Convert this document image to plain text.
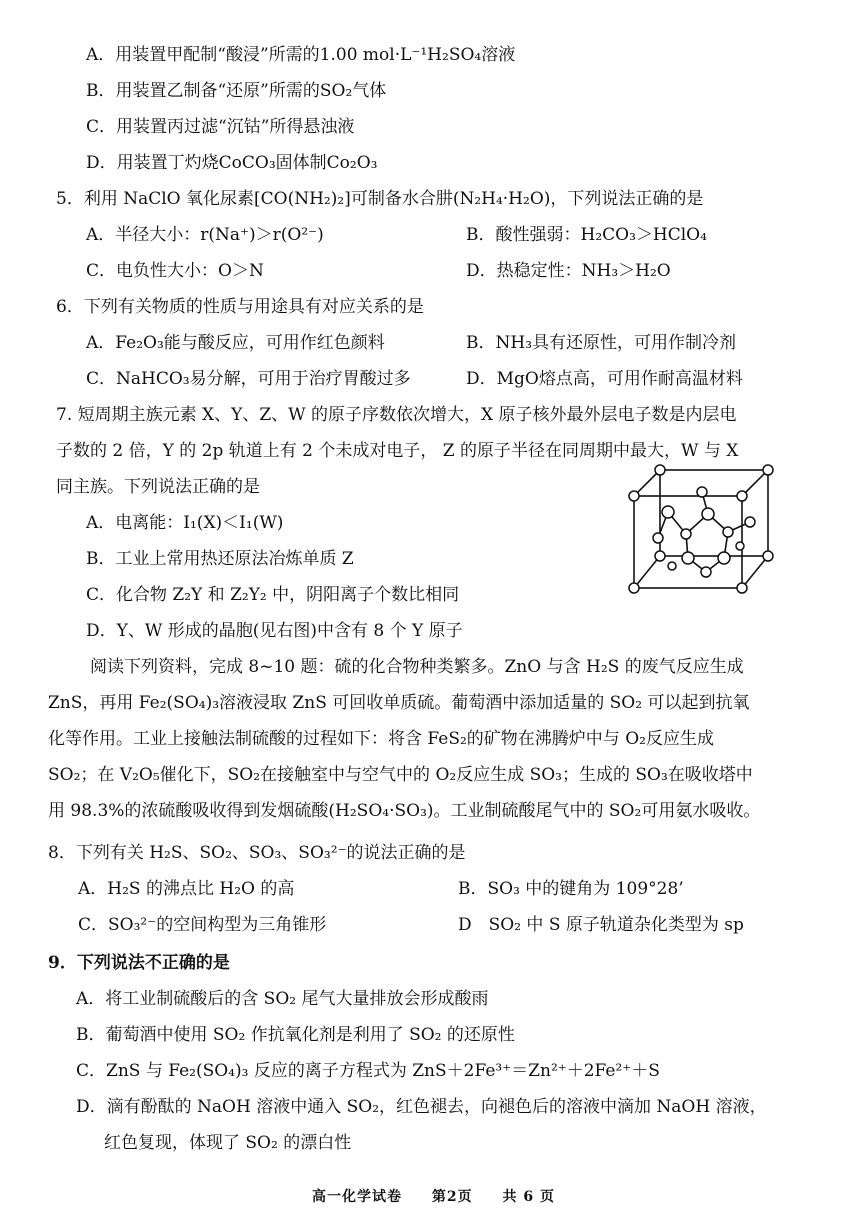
A．用装置甲配制“酸浸”所需的1.00 mol·L⁻¹H₂SO₄溶液
B．用装置乙制备“还原”所需的SO₂气体
C．用装置丙过滤“沉钴”所得悬浊液
D．用装置丁灼烧CoCO₃固体制Co₂O₃
5．利用 NaClO 氧化尿素[CO(NH₂)₂]可制备水合肼(N₂H₄·H₂O)，下列说法正确的是
A．半径大小：r(Na⁺)＞r(O²⁻)	B．酸性强弱：H₂CO₃＞HClO₄
C．电负性大小：O＞N	D．热稳定性：NH₃＞H₂O
6．下列有关物质的性质与用途具有对应关系的是
A．Fe₂O₃能与酸反应，可用作红色颜料	B．NH₃具有还原性，可用作制冷剂
C．NaHCO₃易分解，可用于治疗胃酸过多	D．MgO熔点高，可用作耐高温材料
7. 短周期主族元素 X、Y、Z、W 的原子序数依次增大，X 原子核外最外层电子数是内层电
子数的 2 倍，Y 的 2p 轨道上有 2 个未成对电子， Z 的原子半径在同周期中最大，W 与 X
同主族。下列说法正确的是
A．电离能：I₁(X)＜I₁(W)
B．工业上常用热还原法冶炼单质 Z
C．化合物 Z₂Y 和 Z₂Y₂ 中，阴阳离子个数比相同
D．Y、W 形成的晶胞(见右图)中含有 8 个 Y 原子
阅读下列资料，完成 8~10 题：硫的化合物种类繁多。ZnO 与含 H₂S 的废气反应生成
ZnS，再用 Fe₂(SO₄)₃溶液浸取 ZnS 可回收单质硫。葡萄酒中添加适量的 SO₂ 可以起到抗氧
化等作用。工业上接触法制硫酸的过程如下：将含 FeS₂的矿物在沸腾炉中与 O₂反应生成
SO₂；在 V₂O₅催化下，SO₂在接触室中与空气中的 O₂反应生成 SO₃；生成的 SO₃在吸收塔中
用 98.3%的浓硫酸吸收得到发烟硫酸(H₂SO₄·SO₃)。工业制硫酸尾气中的 SO₂可用氨水吸收。
8．下列有关 H₂S、SO₂、SO₃、SO₃²⁻的说法正确的是
A．H₂S 的沸点比 H₂O 的高	B．SO₃ 中的键角为 109°28’
C．SO₃²⁻的空间构型为三角锥形	D　SO₂ 中 S 原子轨道杂化类型为 sp
9．下列说法不正确的是
A．将工业制硫酸后的含 SO₂ 尾气大量排放会形成酸雨
B．葡萄酒中使用 SO₂ 作抗氧化剂是利用了 SO₂ 的还原性
C．ZnS 与 Fe₂(SO₄)₃ 反应的离子方程式为 ZnS＋2Fe³⁺＝Zn²⁺＋2Fe²⁺＋S
D．滴有酚酞的 NaOH 溶液中通入 SO₂，红色褪去，向褪色后的溶液中滴加 NaOH 溶液，
红色复现，体现了 SO₂ 的漂白性
高一化学试卷 第2页 共 6 页
